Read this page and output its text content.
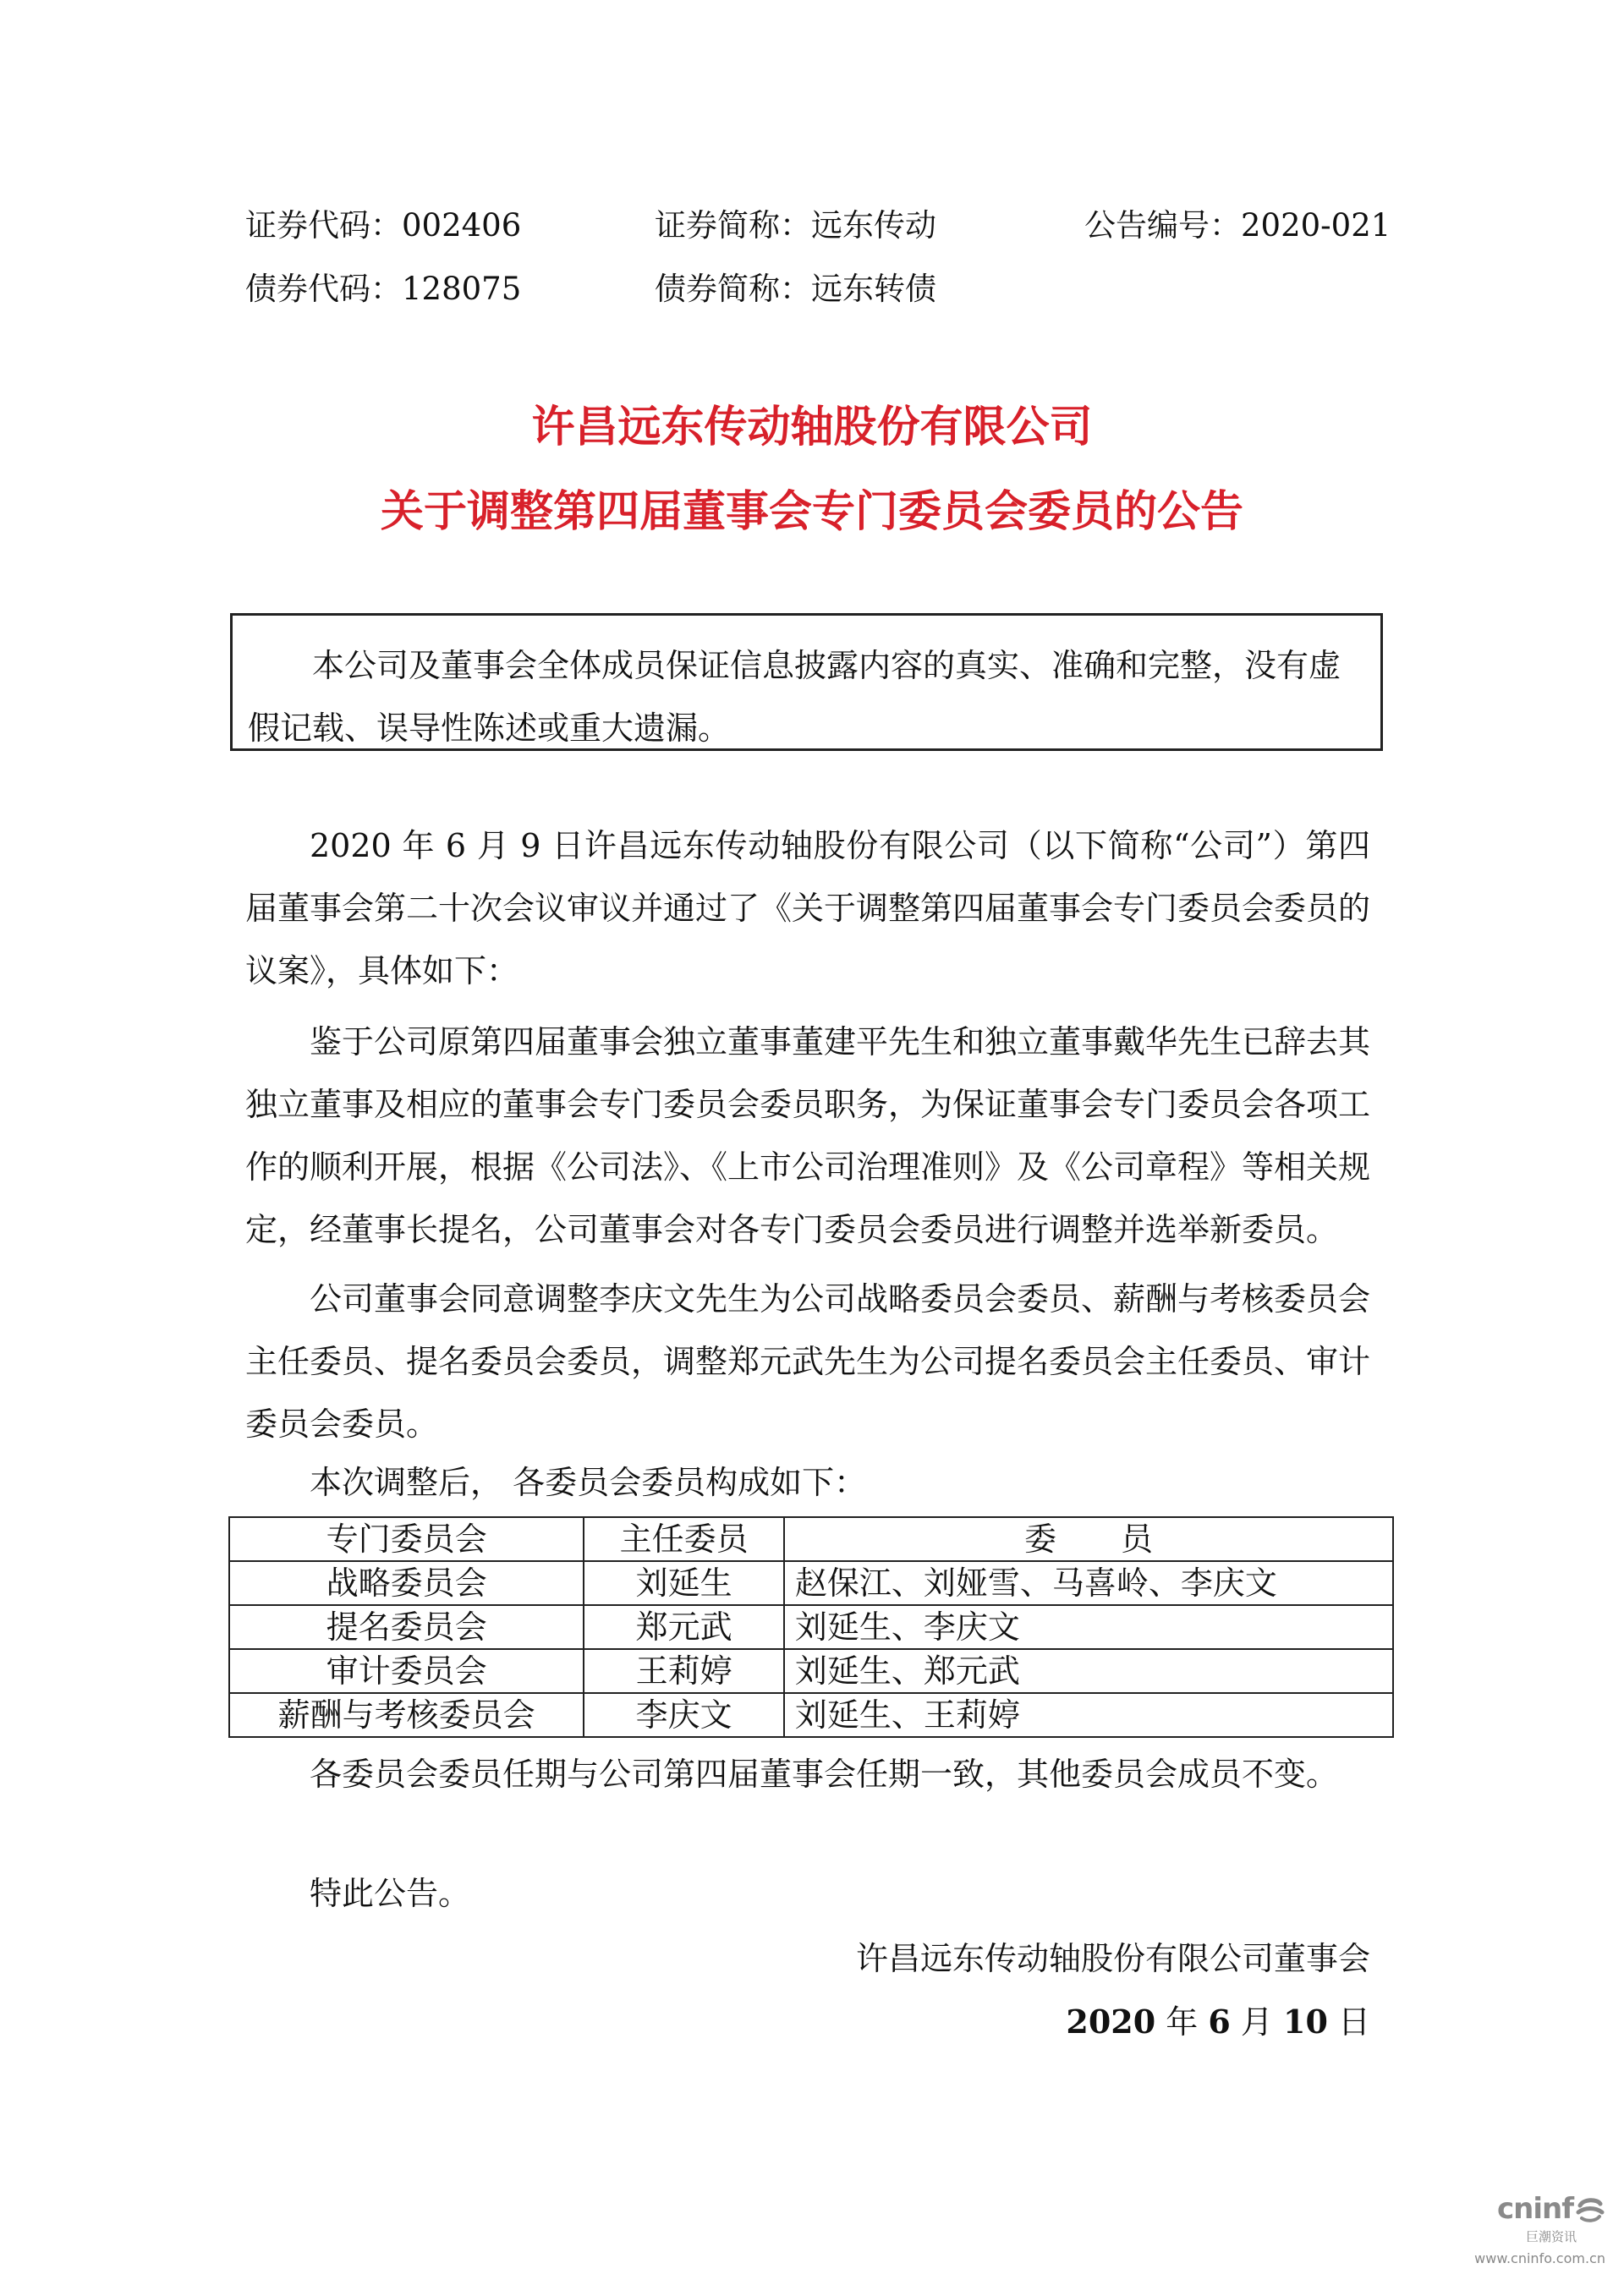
证券代码：002406	证券简称：远东传动	公告编号：2020-021
债券代码：128075	债券简称：远东转债
许昌远东传动轴股份有限公司
关于调整第四届董事会专门委员会委员的公告
本公司及董事会全体成员保证信息披露内容的真实、准确和完整，没有虚假记载、误导性陈述或重大遗漏。
2020 年 6 月 9 日许昌远东传动轴股份有限公司（以下简称“公司”）第四届董事会第二十次会议审议并通过了《关于调整第四届董事会专门委员会委员的议案》，具体如下：
鉴于公司原第四届董事会独立董事董建平先生和独立董事戴华先生已辞去其独立董事及相应的董事会专门委员会委员职务，为保证董事会专门委员会各项工作的顺利开展，根据《公司法》、《上市公司治理准则》及《公司章程》等相关规定，经董事长提名，公司董事会对各专门委员会委员进行调整并选举新委员。
公司董事会同意调整李庆文先生为公司战略委员会委员、薪酬与考核委员会主任委员、提名委员会委员，调整郑元武先生为公司提名委员会主任委员、审计委员会委员。
本次调整后， 各委员会委员构成如下：
专门委员会	主任委员	委　　员
战略委员会	刘延生	赵保江、刘娅雪、马喜岭、李庆文
提名委员会	郑元武	刘延生、李庆文
审计委员会	王莉婷	刘延生、郑元武
薪酬与考核委员会	李庆文	刘延生、王莉婷
各委员会委员任期与公司第四届董事会任期一致，其他委员会成员不变。
特此公告。
许昌远东传动轴股份有限公司董事会
2020 年 6 月 10 日
cninf
巨潮资讯
www.cninfo.com.cn
